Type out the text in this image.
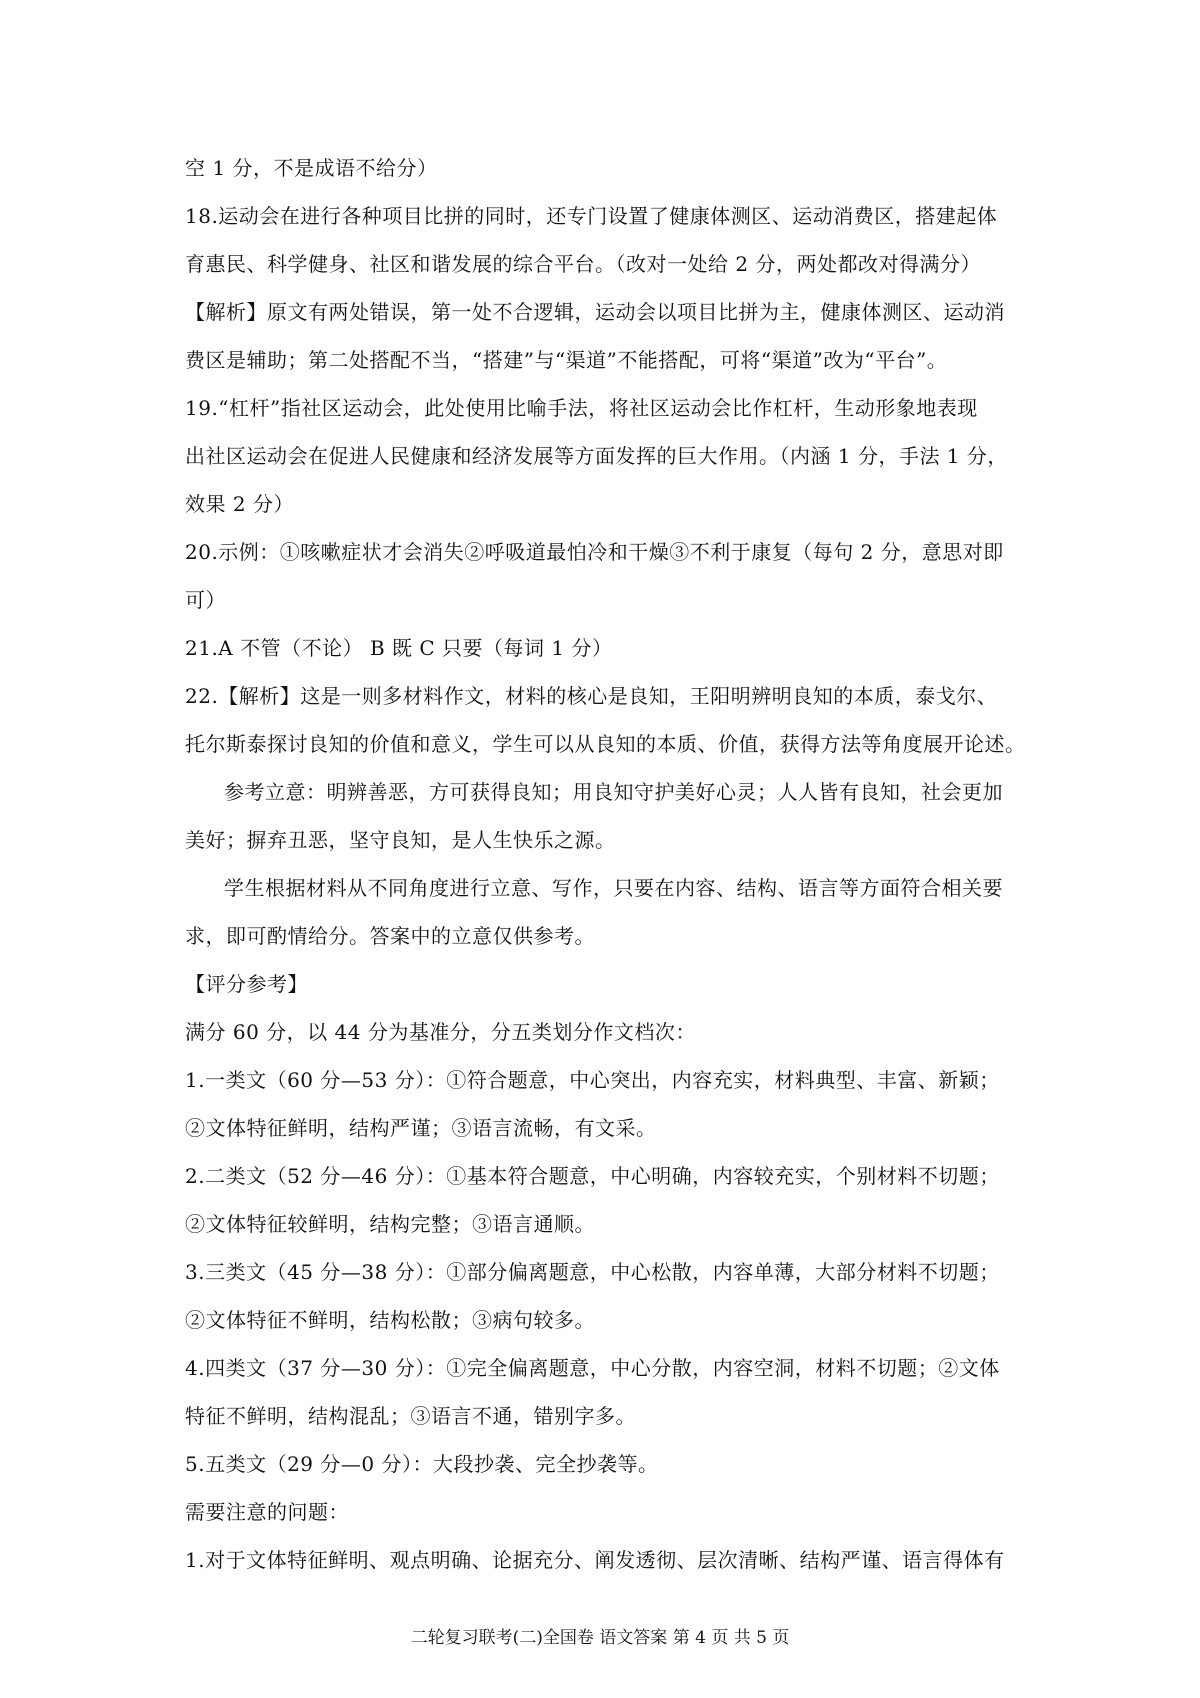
空 1 分，不是成语不给分）
18.运动会在进行各种项目比拼的同时，还专门设置了健康体测区、运动消费区，搭建起体
育惠民、科学健身、社区和谐发展的综合平台。（改对一处给 2 分，两处都改对得满分）
【解析】原文有两处错误，第一处不合逻辑，运动会以项目比拼为主，健康体测区、运动消
费区是辅助；第二处搭配不当，“搭建”与“渠道”不能搭配，可将“渠道”改为“平台”。
19.“杠杆”指社区运动会，此处使用比喻手法，将社区运动会比作杠杆，生动形象地表现
出社区运动会在促进人民健康和经济发展等方面发挥的巨大作用。（内涵 1 分，手法 1 分，
效果 2 分）
20.示例：①咳嗽症状才会消失②呼吸道最怕冷和干燥③不利于康复（每句 2 分，意思对即
可）
21.A 不管（不论） B 既 C 只要（每词 1 分）
22.【解析】这是一则多材料作文，材料的核心是良知，王阳明辨明良知的本质，泰戈尔、
托尔斯泰探讨良知的价值和意义，学生可以从良知的本质、价值，获得方法等角度展开论述。
参考立意：明辨善恶，方可获得良知；用良知守护美好心灵；人人皆有良知，社会更加
美好；摒弃丑恶，坚守良知，是人生快乐之源。
学生根据材料从不同角度进行立意、写作，只要在内容、结构、语言等方面符合相关要
求，即可酌情给分。答案中的立意仅供参考。
【评分参考】
满分 60 分，以 44 分为基准分，分五类划分作文档次：
1.一类文（60 分—53 分）：①符合题意，中心突出，内容充实，材料典型、丰富、新颖；
②文体特征鲜明，结构严谨；③语言流畅，有文采。
2.二类文（52 分—46 分）：①基本符合题意，中心明确，内容较充实，个别材料不切题；
②文体特征较鲜明，结构完整；③语言通顺。
3.三类文（45 分—38 分）：①部分偏离题意，中心松散，内容单薄，大部分材料不切题；
②文体特征不鲜明，结构松散；③病句较多。
4.四类文（37 分—30 分）：①完全偏离题意，中心分散，内容空洞，材料不切题；②文体
特征不鲜明，结构混乱；③语言不通，错别字多。
5.五类文（29 分—0 分）：大段抄袭、完全抄袭等。
需要注意的问题：
1.对于文体特征鲜明、观点明确、论据充分、阐发透彻、层次清晰、结构严谨、语言得体有
二轮复习联考(二)全国卷 语文答案 第 4 页 共 5 页
